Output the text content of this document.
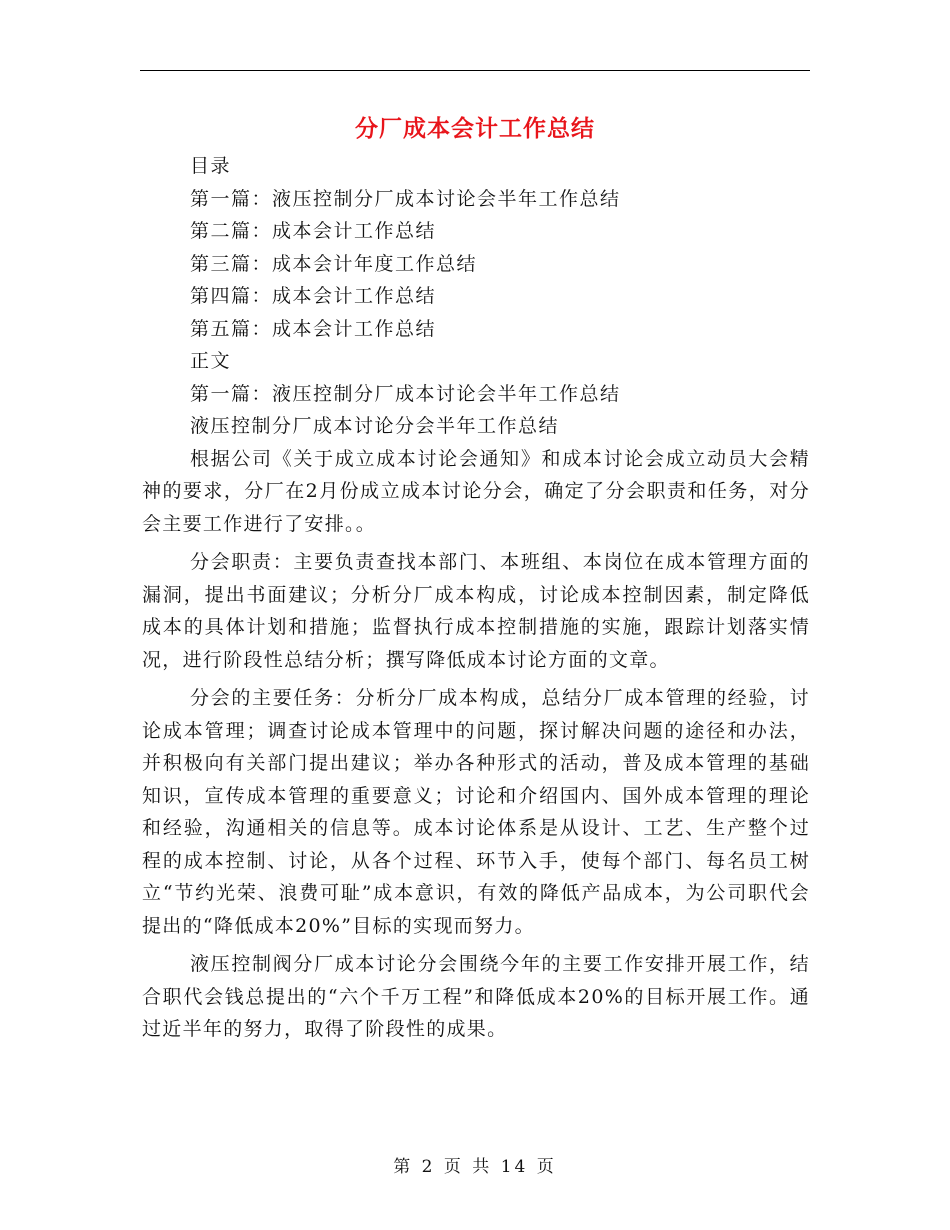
分厂成本会计工作总结

目录

第一篇：液压控制分厂成本讨论会半年工作总结

第二篇：成本会计工作总结

第三篇：成本会计年度工作总结

第四篇：成本会计工作总结

第五篇：成本会计工作总结

正文

第一篇：液压控制分厂成本讨论会半年工作总结

液压控制分厂成本讨论分会半年工作总结

根据公司《关于成立成本讨论会通知》和成本讨论会成立动员大会精神的要求，分厂在2月份成立成本讨论分会，确定了分会职责和任务，对分会主要工作进行了安排。。

分会职责：主要负责查找本部门、本班组、本岗位在成本管理方面的漏洞，提出书面建议；分析分厂成本构成，讨论成本控制因素，制定降低成本的具体计划和措施；监督执行成本控制措施的实施，跟踪计划落实情况，进行阶段性总结分析；撰写降低成本讨论方面的文章。

分会的主要任务：分析分厂成本构成，总结分厂成本管理的经验，讨论成本管理；调查讨论成本管理中的问题，探讨解决问题的途径和办法，并积极向有关部门提出建议；举办各种形式的活动，普及成本管理的基础知识，宣传成本管理的重要意义；讨论和介绍国内、国外成本管理的理论和经验，沟通相关的信息等。成本讨论体系是从设计、工艺、生产整个过程的成本控制、讨论，从各个过程、环节入手，使每个部门、每名员工树立“节约光荣、浪费可耻”成本意识，有效的降低产品成本，为公司职代会提出的“降低成本20%”目标的实现而努力。

液压控制阀分厂成本讨论分会围绕今年的主要工作安排开展工作，结合职代会钱总提出的“六个千万工程”和降低成本20%的目标开展工作。通过近半年的努力，取得了阶段性的成果。

第 2 页 共 14 页
